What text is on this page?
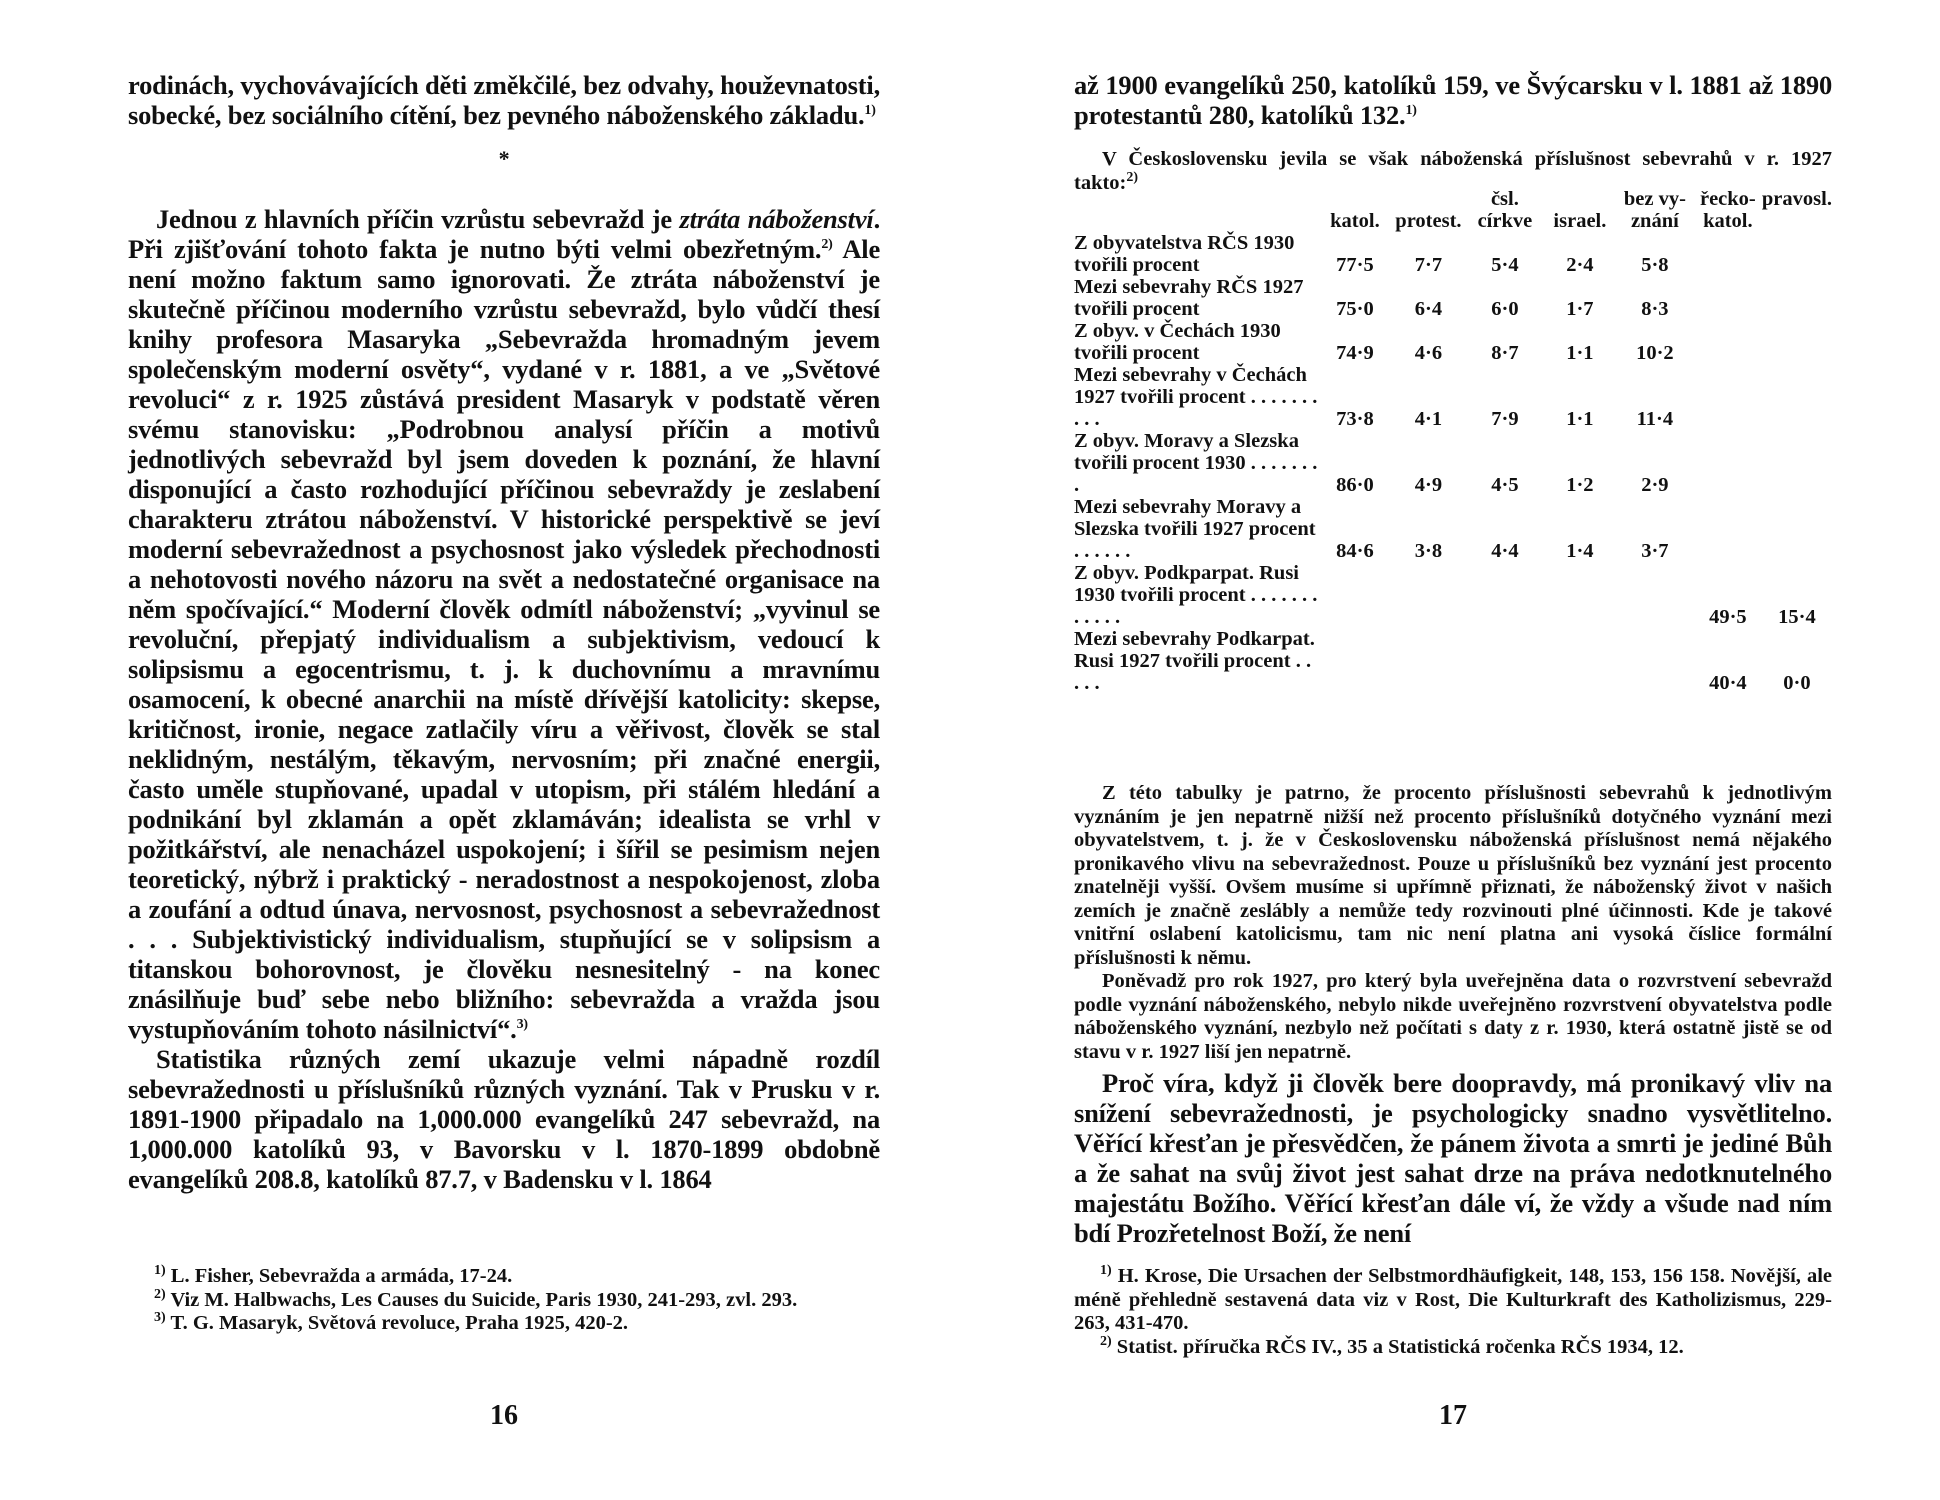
rodinách, vychovávajících děti změkčilé, bez odvahy, houževnatosti, sobecké, bez sociálního cítění, bez pevného náboženského základu.$^{1)}$

*

Jednou z hlavních příčin vzrůstu sebevražd je ztráta náboženství. Při zjišťování tohoto fakta je nutno býti velmi obezřetným.$^{2)}$ Ale není možno faktum samo ignorovati. Že ztráta náboženství je skutečně příčinou moderního vzrůstu sebevražd, bylo vůdčí thesí knihy profesora Masaryka „Sebevražda hromadným jevem společenským moderní osvěty“, vydané v r. 1881, a ve „Světové revoluci“ z r. 1925 zůstává president Masaryk v podstatě věren svému stanovisku: „Podrobnou analysí příčin a motivů jednotlivých sebevražd byl jsem doveden k poznání, že hlavní disponující a často rozhodující příčinou sebevraždy je zeslabení charakteru ztrátou náboženství. V historické perspektivě se jeví moderní sebevražednost a psychosnost jako výsledek přechodnosti a nehotovosti nového názoru na svět a nedostatečné organisace na něm spočívající.“ Moderní člověk odmítl náboženství; „vyvinul se revoluční, přepjatý individualism a subjektivism, vedoucí k solipsismu a egocentrismu, t. j. k duchovnímu a mravnímu osamocení, k obecné anarchii na místě dřívější katolicity: skepse, kritičnost, ironie, negace zatlačily víru a věřivost, člověk se stal neklidným, nestálým, těkavým, nervosním; při značné energii, často uměle stupňované, upadal v utopism, při stálém hledání a podnikání byl zklamán a opět zklamáván; idealista se vrhl v požitkářství, ale nenacházel uspokojení; i šířil se pesimism nejen teoretický, nýbrž i praktický - neradostnost a nespokojenost, zloba a zoufání a odtud únava, nervosnost, psychosnost a sebevražednost . . . Subjektivistický individualism, stupňující se v solipsism a titanskou bohorovnost, je člověku nesnesitelný - na konec znásilňuje buď sebe nebo bližního: sebevražda a vražda jsou vystupňováním tohoto násilnictví“.$^{3)}$

Statistika různých zemí ukazuje velmi nápadně rozdíl sebevražednosti u příslušníků různých vyznání. Tak v Prusku v r. 1891-1900 připadalo na 1,000.000 evangelíků 247 sebevražd, na 1,000.000 katolíků 93, v Bavorsku v l. 1870-1899 obdobně evangelíků 208.8, katolíků 87.7, v Badensku v l. 1864

$^{1)}$ L. Fisher, Sebevražda a armáda, 17-24.

$^{2)}$ Viz M. Halbwachs, Les Causes du Suicide, Paris 1930, 241-293, zvl. 293.

$^{3)}$ T. G. Masaryk, Světová revoluce, Praha 1925, 420-2.

16

až 1900 evangelíků 250, katolíků 159, ve Švýcarsku v l. 1881 až 1890 protestantů 280, katolíků 132.$^{1)}$

V Československu jevila se však náboženská příslušnost sebevrahů v r. 1927 takto:$^{2)}$

			čsl.		bez vy-	řecko-	pravosl.
	katol.	protest.	církve	israel.	znání	katol.	
Z obyvatelstva RČS 1930 tvořili procent	77·5	7·7	5·4	2·4	5·8		
Mezi sebevrahy RČS 1927 tvořili procent	75·0	6·4	6·0	1·7	8·3		
Z obyv. v Čechách 1930 tvořili procent	74·9	4·6	8·7	1·1	10·2		
Mezi sebevrahy v Čechách 1927 tvořili procent . . . . . . . . . .	73·8	4·1	7·9	1·1	11·4		
Z obyv. Moravy a Slezska tvořili procent 1930 . . . . . . . .	86·0	4·9	4·5	1·2	2·9		
Mezi sebevrahy Moravy a Slezska tvořili 1927 procent . . . . . .	84·6	3·8	4·4	1·4	3·7		
Z obyv. Podkparpat. Rusi 1930 tvořili procent . . . . . . . . . . . .						49·5	15·4
Mezi sebevrahy Podkarpat. Rusi 1927 tvořili procent . . . . .						40·4	0·0

Z této tabulky je patrno, že procento příslušnosti sebevrahů k jednotlivým vyznáním je jen nepatrně nižší než procento příslušníků dotyčného vyznání mezi obyvatelstvem, t. j. že v Československu náboženská příslušnost nemá nějakého pronikavého vlivu na sebevražednost. Pouze u příslušníků bez vyznání jest procento znatelněji vyšší. Ovšem musíme si upřímně přiznati, že náboženský život v našich zemích je značně zeslábly a nemůže tedy rozvinouti plné účinnosti. Kde je takové vnitřní oslabení katolicismu, tam nic není platna ani vysoká číslice formální příslušnosti k němu.

Poněvadž pro rok 1927, pro který byla uveřejněna data o rozvrstvení sebevražd podle vyznání náboženského, nebylo nikde uveřejněno rozvrstvení obyvatelstva podle náboženského vyznání, nezbylo než počítati s daty z r. 1930, která ostatně jistě se od stavu v r. 1927 liší jen nepatrně.

Proč víra, když ji člověk bere doopravdy, má pronikavý vliv na snížení sebevražednosti, je psychologicky snadno vysvětlitelno. Věřící křesťan je přesvědčen, že pánem života a smrti je jediné Bůh a že sahat na svůj život jest sahat drze na práva nedotknutelného majestátu Božího. Věřící křesťan dále ví, že vždy a všude nad ním bdí Prozřetelnost Boží, že není

$^{1)}$ H. Krose, Die Ursachen der Selbstmordhäufigkeit, 148, 153, 156 158. Novější, ale méně přehledně sestavená data viz v Rost, Die Kulturkraft des Katholizismus, 229-263, 431-470.

$^{2)}$ Statist. příručka RČS IV., 35 a Statistická ročenka RČS 1934, 12.

17
